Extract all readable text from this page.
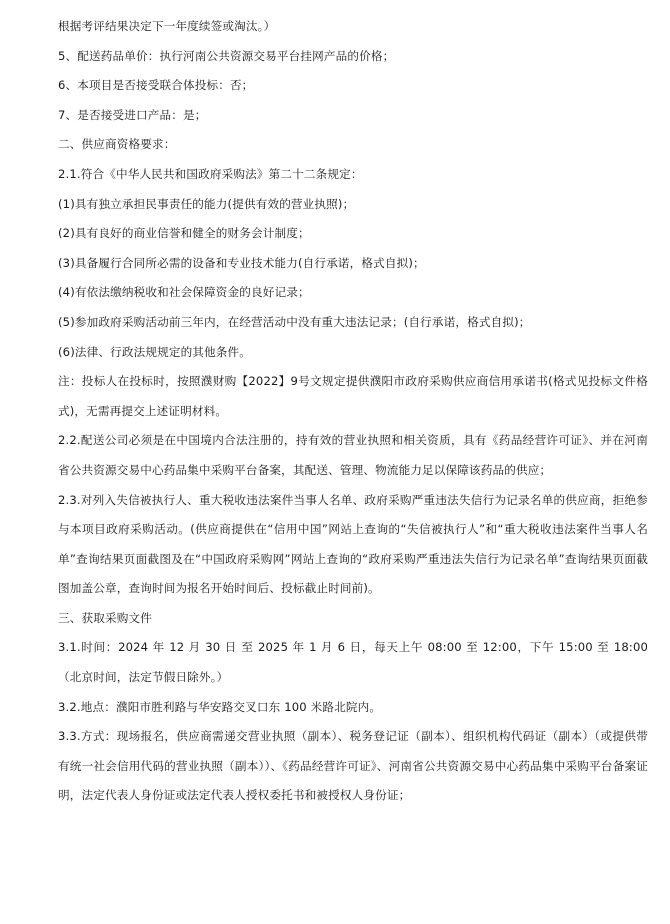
根据考评结果决定下一年度续签或淘汰。）
5、配送药品单价：执行河南公共资源交易平台挂网产品的价格；
6、本项目是否接受联合体投标：否；
7、是否接受进口产品：是；
二、供应商资格要求：
2.1.符合《中华人民共和国政府采购法》第二十二条规定：
(1)具有独立承担民事责任的能力(提供有效的营业执照)；
(2)具有良好的商业信誉和健全的财务会计制度；
(3)具备履行合同所必需的设备和专业技术能力(自行承诺，格式自拟)；
(4)有依法缴纳税收和社会保障资金的良好记录；
(5)参加政府采购活动前三年内，在经营活动中没有重大违法记录；(自行承诺，格式自拟)；
(6)法律、行政法规规定的其他条件。
注：投标人在投标时，按照濮财购【2022】9号文规定提供濮阳市政府采购供应商信用承诺书(格式见投标文件格式)，无需再提交上述证明材料。
2.2.配送公司必须是在中国境内合法注册的，持有效的营业执照和相关资质，具有《药品经营许可证》、并在河南省公共资源交易中心药品集中采购平台备案，其配送、管理、物流能力足以保障该药品的供应；
2.3.对列入失信被执行人、重大税收违法案件当事人名单、政府采购严重违法失信行为记录名单的供应商，拒绝参与本项目政府采购活动。(供应商提供在“信用中国”网站上查询的“失信被执行人”和“重大税收违法案件当事人名单”查询结果页面截图及在“中国政府采购网”网站上查询的“政府采购严重违法失信行为记录名单”查询结果页面截图加盖公章，查询时间为报名开始时间后、投标截止时间前)。
三、获取采购文件
3.1.时间：2024 年 12 月 30 日 至 2025 年 1 月 6 日，每天上午 08:00 至 12:00，下午 15:00 至 18:00（北京时间，法定节假日除外。）
3.2.地点：濮阳市胜利路与华安路交叉口东 100 米路北院内。
3.3.方式：现场报名，供应商需递交营业执照（副本）、税务登记证（副本）、组织机构代码证（副本）（或提供带有统一社会信用代码的营业执照（副本））、《药品经营许可证》、河南省公共资源交易中心药品集中采购平台备案证明，法定代表人身份证或法定代表人授权委托书和被授权人身份证；
